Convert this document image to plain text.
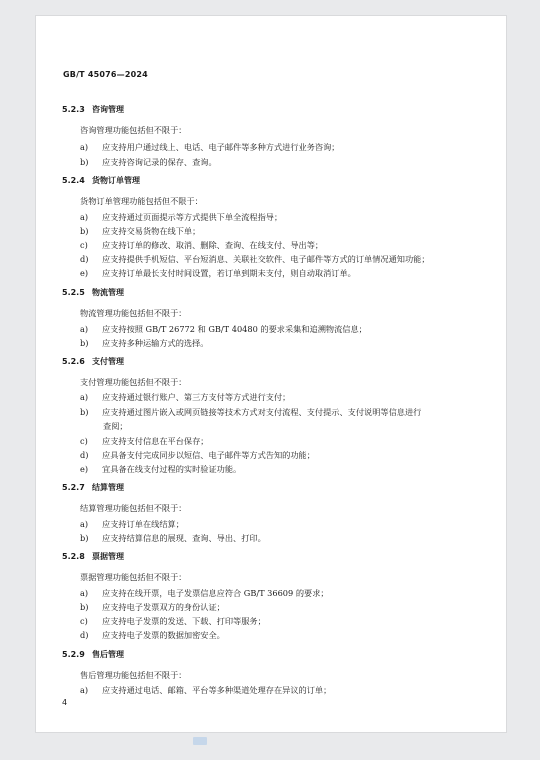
GB/T 45076—2024
5.2.3 咨询管理
咨询管理功能包括但不限于：
a) 应支持用户通过线上、电话、电子邮件等多种方式进行业务咨询；
b) 应支持咨询记录的保存、查询。
5.2.4 货物订单管理
货物订单管理功能包括但不限于：
a) 应支持通过页面提示等方式提供下单全流程指导；
b) 应支持交易货物在线下单；
c) 应支持订单的修改、取消、删除、查询、在线支付、导出等；
d) 应支持提供手机短信、平台短消息、关联社交软件、电子邮件等方式的订单情况通知功能；
e) 应支持订单最长支付时间设置，若订单到期未支付，则自动取消订单。
5.2.5 物流管理
物流管理功能包括但不限于：
a) 应支持按照 GB/T 26772 和 GB/T 40480 的要求采集和追溯物流信息；
b) 应支持多种运输方式的选择。
5.2.6 支付管理
支付管理功能包括但不限于：
a) 应支持通过银行账户、第三方支付等方式进行支付；
b) 应支持通过图片嵌入或网页链接等技术方式对支付流程、支付提示、支付说明等信息进行
查阅；
c) 应支持支付信息在平台保存；
d) 应具备支付完成同步以短信、电子邮件等方式告知的功能；
e) 宜具备在线支付过程的实时验证功能。
5.2.7 结算管理
结算管理功能包括但不限于：
a) 应支持订单在线结算；
b) 应支持结算信息的展现、查询、导出、打印。
5.2.8 票据管理
票据管理功能包括但不限于：
a) 应支持在线开票，电子发票信息应符合 GB/T 36609 的要求；
b) 应支持电子发票双方的身份认证；
c) 应支持电子发票的发送、下载、打印等服务；
d) 应支持电子发票的数据加密安全。
5.2.9 售后管理
售后管理功能包括但不限于：
a) 应支持通过电话、邮箱、平台等多种渠道处理存在异议的订单；
4
